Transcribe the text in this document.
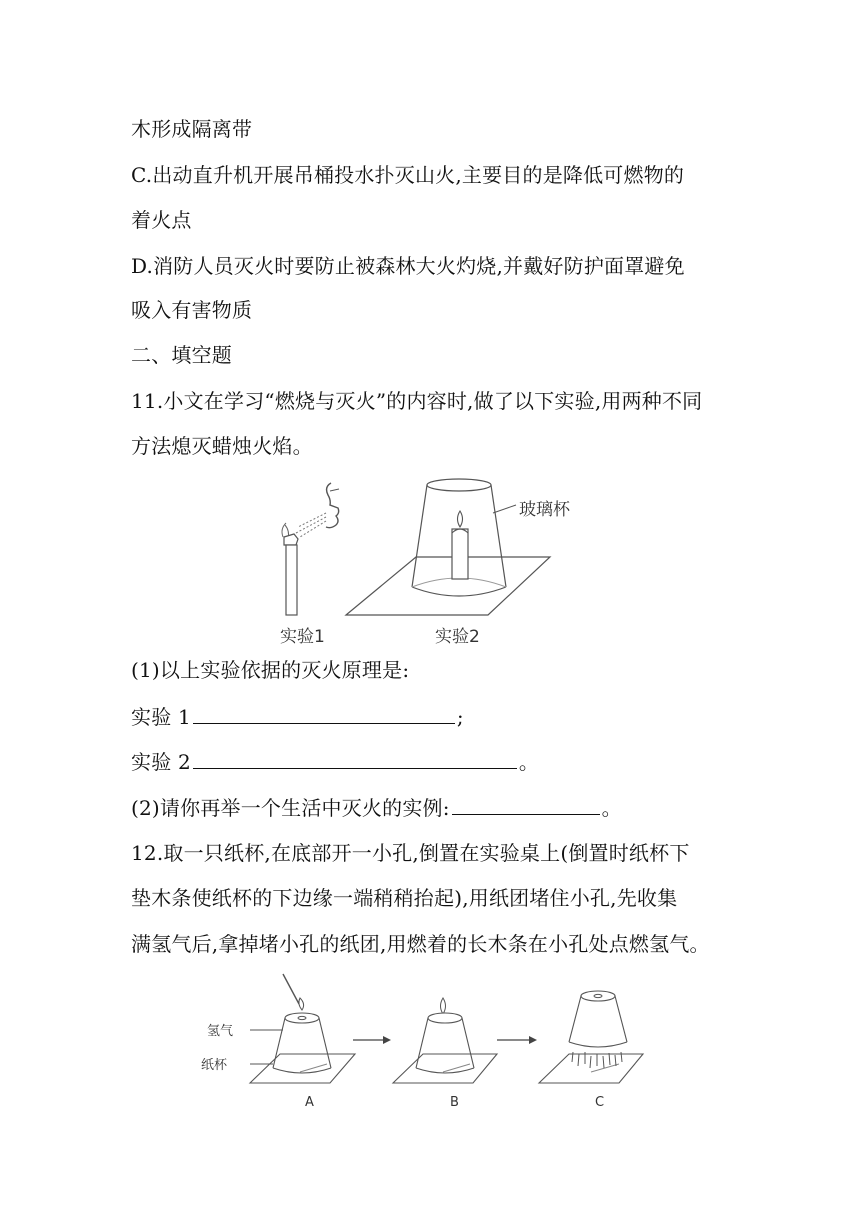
木形成隔离带
C.出动直升机开展吊桶投水扑灭山火,主要目的是降低可燃物的
着火点
D.消防人员灭火时要防止被森林大火灼烧,并戴好防护面罩避免
吸入有害物质
二、填空题
11.小文在学习“燃烧与灭火”的内容时,做了以下实验,用两种不同
方法熄灭蜡烛火焰。
玻璃杯
实验1	实验2
(1)以上实验依据的灭火原理是:
实验 1	;
实验 2	。
(2)请你再举一个生活中灭火的实例:	。
12.取一只纸杯,在底部开一小孔,倒置在实验桌上(倒置时纸杯下
垫木条使纸杯的下边缘一端稍稍抬起),用纸团堵住小孔,先收集
满氢气后,拿掉堵小孔的纸团,用燃着的长木条在小孔处点燃氢气。
氢气
纸杯
A	B	C
